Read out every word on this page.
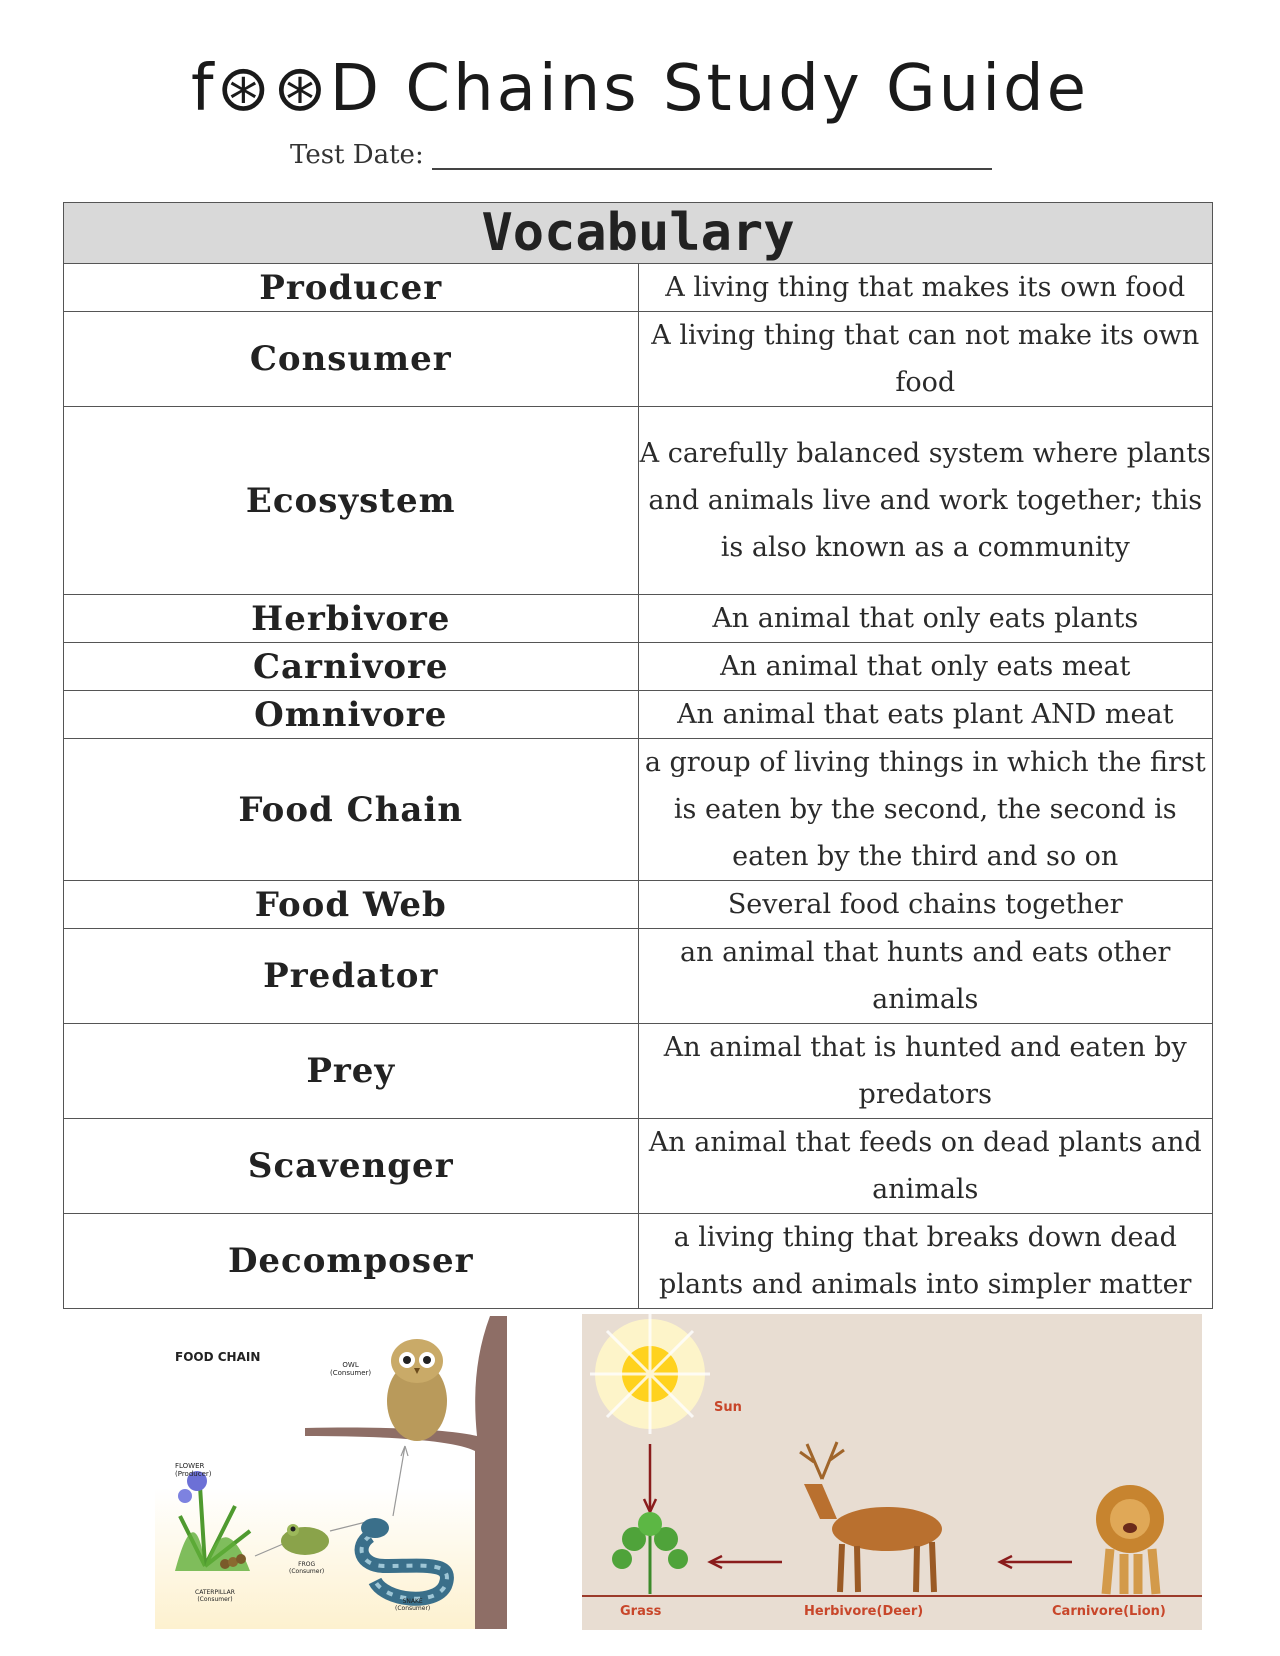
f⊛⊛D Chains Study Guide
Test Date:
Vocabulary	
Producer	A living thing that makes its own food
Consumer	A living thing that can not make its own food
Ecosystem	A carefully balanced system where plants and animals live and work together; this is also known as a community
Herbivore	An animal that only eats plants
Carnivore	An animal that only eats meat
Omnivore	An animal that eats plant AND meat
Food Chain	a group of living things in which the first is eaten by the second, the second is eaten by the third and so on
Food Web	Several food chains together
Predator	an animal that hunts and eats other animals
Prey	An animal that is hunted and eaten by predators
Scavenger	An animal that feeds on dead plants and animals
Decomposer	a living thing that breaks down dead plants and animals into simpler matter
FOOD CHAIN
OWL
(Consumer)
FLOWER
(Producer)
FROG
(Consumer)
SNAKE
(Consumer)
CATERPILLAR
(Consumer)
Sun
Grass	Herbivore(Deer)	Carnivore(Lion)
